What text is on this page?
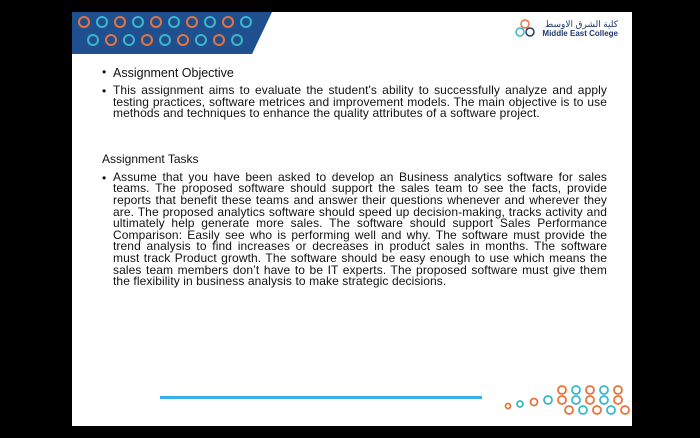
كلية الشرق الاوسط
Middle East College
• Assignment Objective
• This assignment aims to evaluate the student's ability to successfully analyze and apply testing practices, software metrices and improvement models. The main objective is to use methods and techniques to enhance the quality attributes of a software project.
Assignment Tasks
• Assume that you have been asked to develop an Business analytics software for sales teams. The proposed software should support the sales team to see the facts, provide reports that benefit these teams and answer their questions whenever and wherever they are. The proposed analytics software should speed up decision-making, tracks activity and ultimately help generate more sales. The software should support Sales Performance Comparison: Easily see who is performing well and why. The software must provide the trend analysis to find increases or decreases in product sales in months. The software must track Product growth. The software should be easy enough to use which means the sales team members don’t have to be IT experts. The proposed software must give them the flexibility in business analysis to make strategic decisions.
